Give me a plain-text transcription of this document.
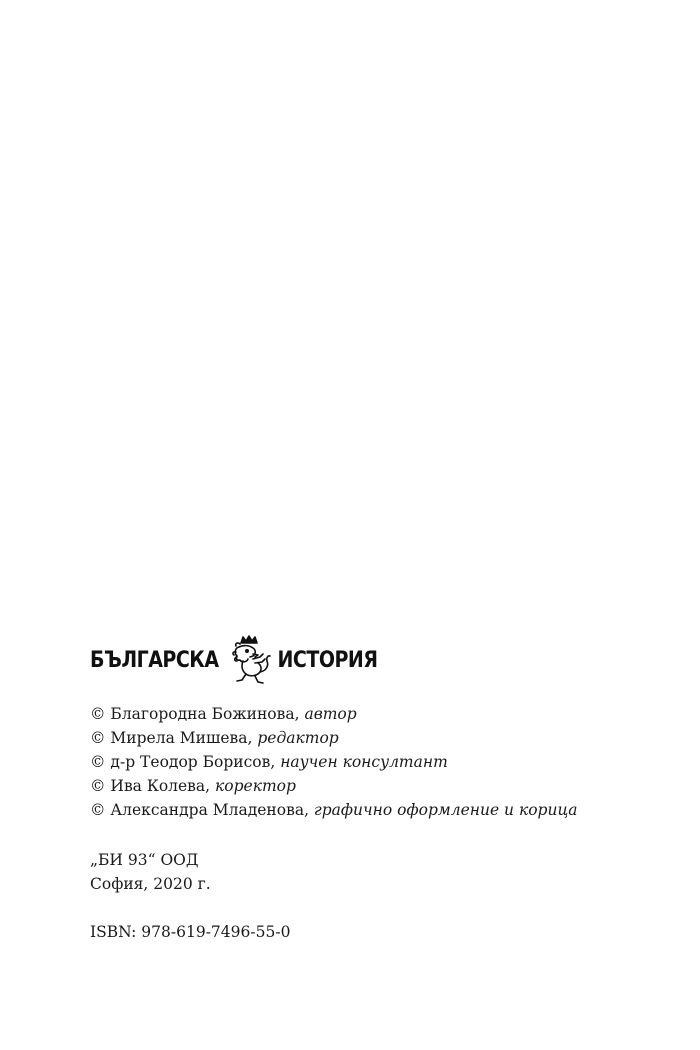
БЪЛГАРСКА	ИСТОРИЯ
© Благородна Божинова, автор
© Мирела Мишева, редактор
© д-р Теодор Борисов, научен консултант
© Ива Колева, коректор
© Александра Младенова, графично оформление и корица
„БИ 93“ ООД
София, 2020 г.
ISBN: 978-619-7496-55-0
